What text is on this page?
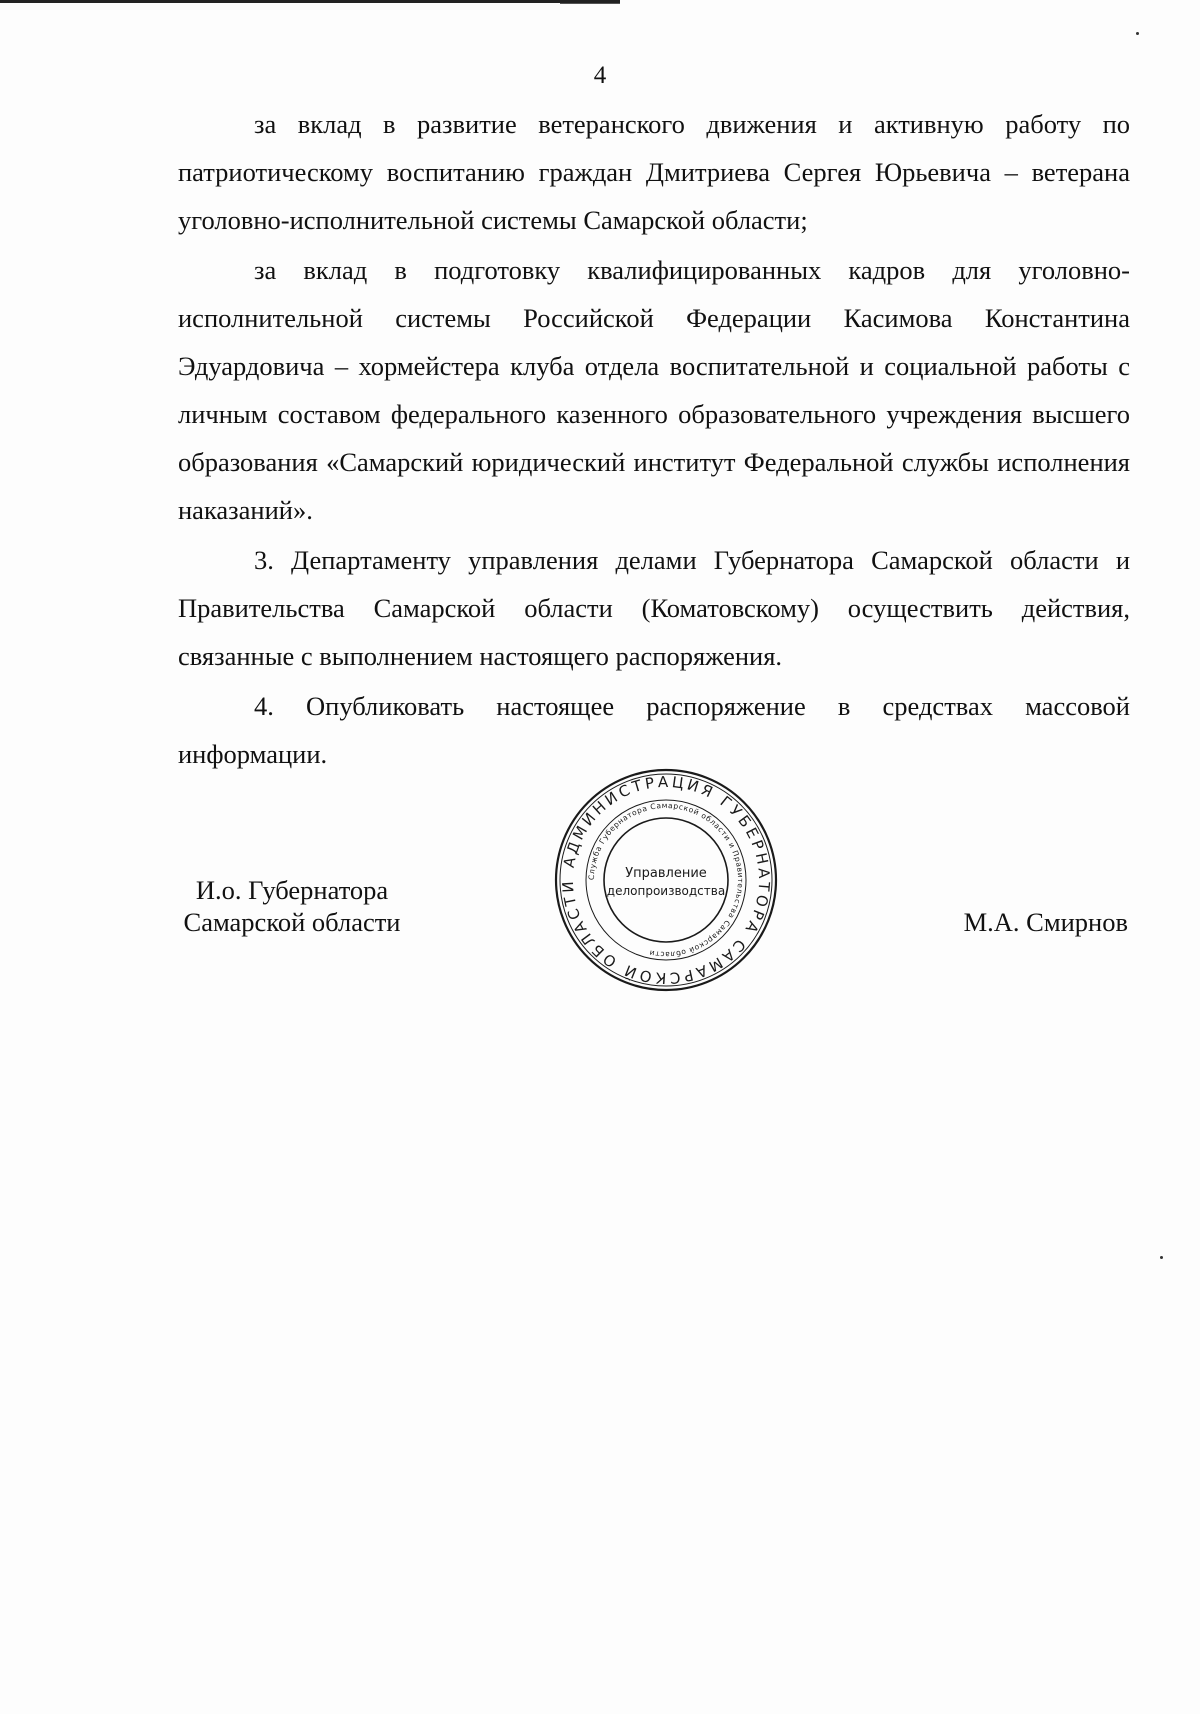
4

за вклад в развитие ветеранского движения и активную работу по патриотическому воспитанию граждан Дмитриева Сергея Юрьевича – ветерана уголовно-исполнительной системы Самарской области;

за вклад в подготовку квалифицированных кадров для уголовно-исполнительной системы Российской Федерации Касимова Константина Эдуардовича – хормейстера клуба отдела воспитательной и социальной работы с личным составом федерального казенного образовательного учреждения высшего образования «Самарский юридический институт Федеральной службы исполнения наказаний».

3. Департаменту управления делами Губернатора Самарской области и Правительства Самарской области (Коматовскому) осуществить действия, связанные с выполнением настоящего распоряжения.

4. Опубликовать настоящее распоряжение в средствах массовой информации.

И.о. Губернатора
Самарской области
АДМИНИСТРАЦИЯ ГУБЕРНАТОРА САМАРСКОЙ ОБЛАСТИ
Служба Губернатора Самарской области и Правительства Самарской области
Управление
делопроизводства
М.А. Смирнов
